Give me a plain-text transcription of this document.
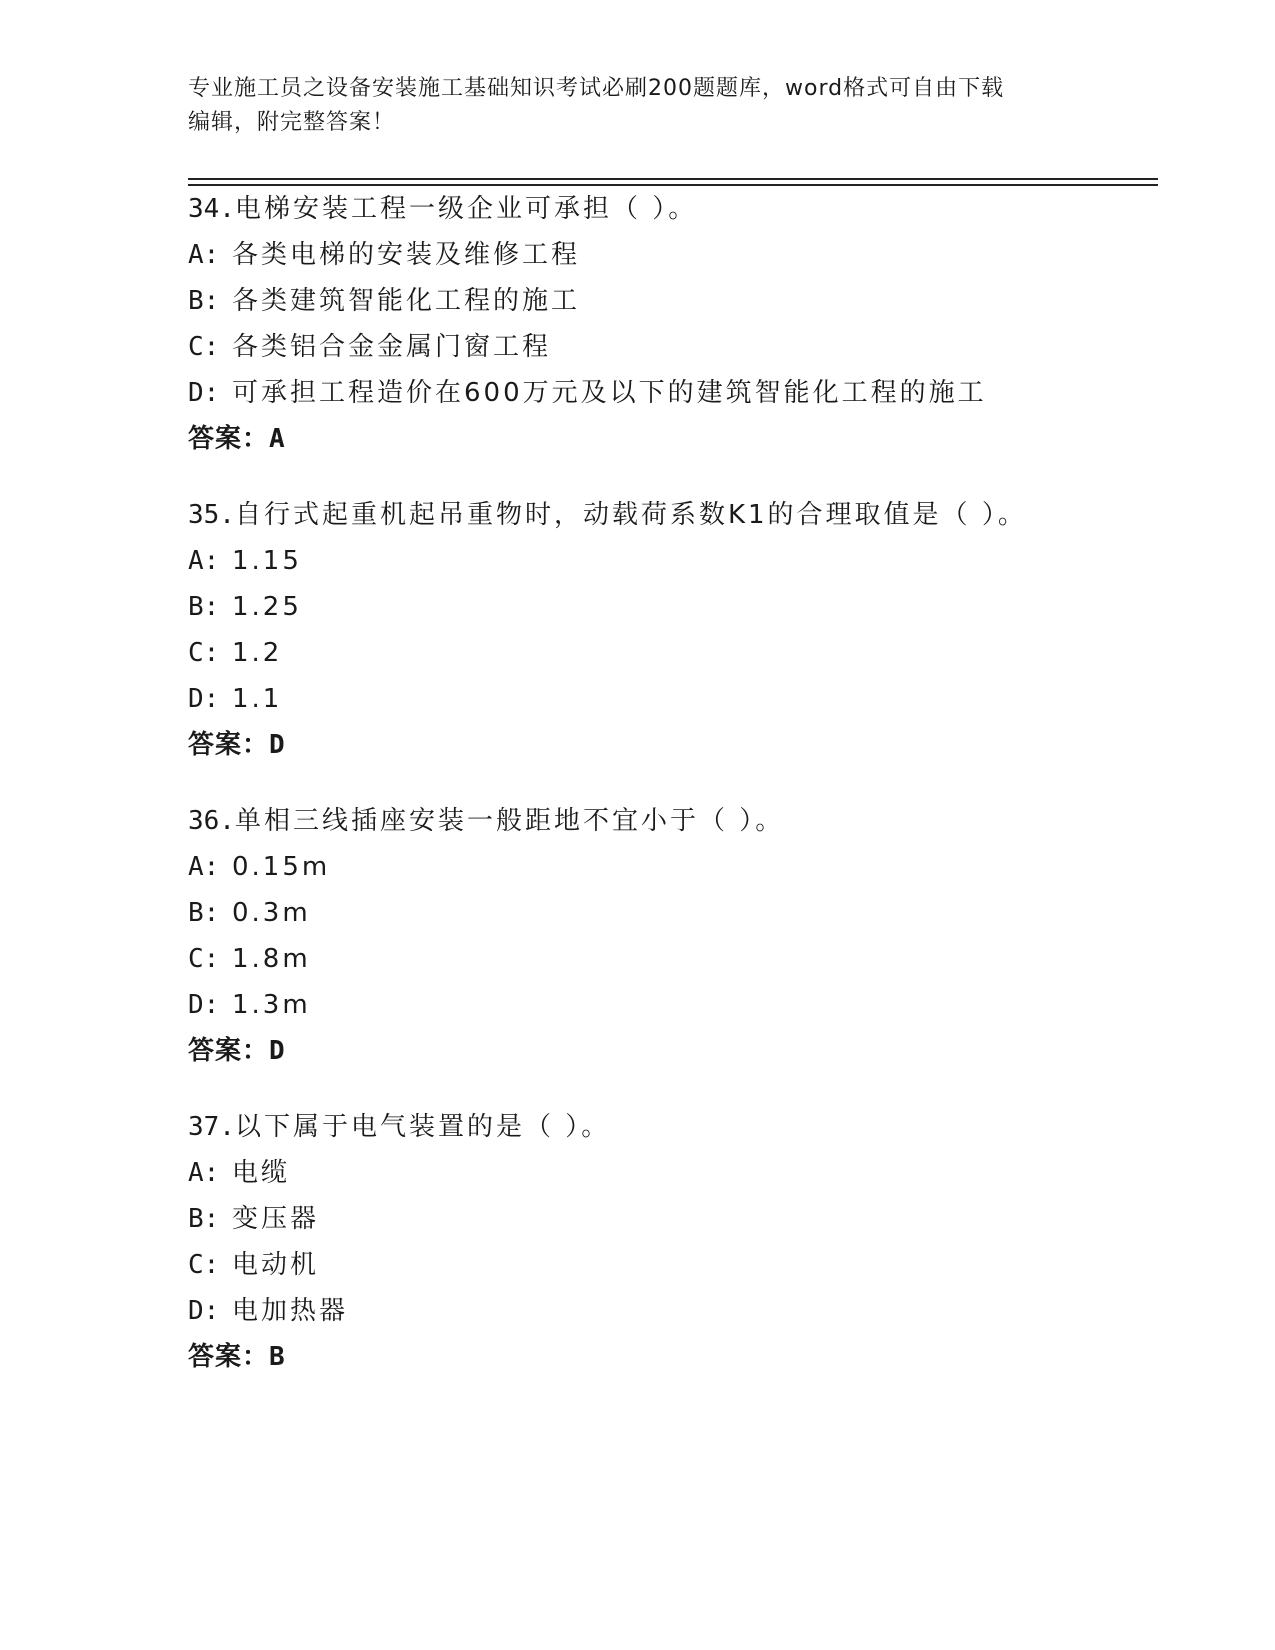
专业施工员之设备安装施工基础知识考试必刷200题题库，word格式可自由下载
编辑，附完整答案！
34.电梯安装工程一级企业可承担（ ）。
A: 各类电梯的安装及维修工程
B: 各类建筑智能化工程的施工
C: 各类铝合金金属门窗工程
D: 可承担工程造价在600万元及以下的建筑智能化工程的施工
答案：A
35.自行式起重机起吊重物时，动载荷系数K1的合理取值是（ ）。
A: 1.15
B: 1.25
C: 1.2
D: 1.1
答案：D
36.单相三线插座安装一般距地不宜小于（ ）。
A: 0.15m
B: 0.3m
C: 1.8m
D: 1.3m
答案：D
37.以下属于电气装置的是（ ）。
A: 电缆
B: 变压器
C: 电动机
D: 电加热器
答案：B
